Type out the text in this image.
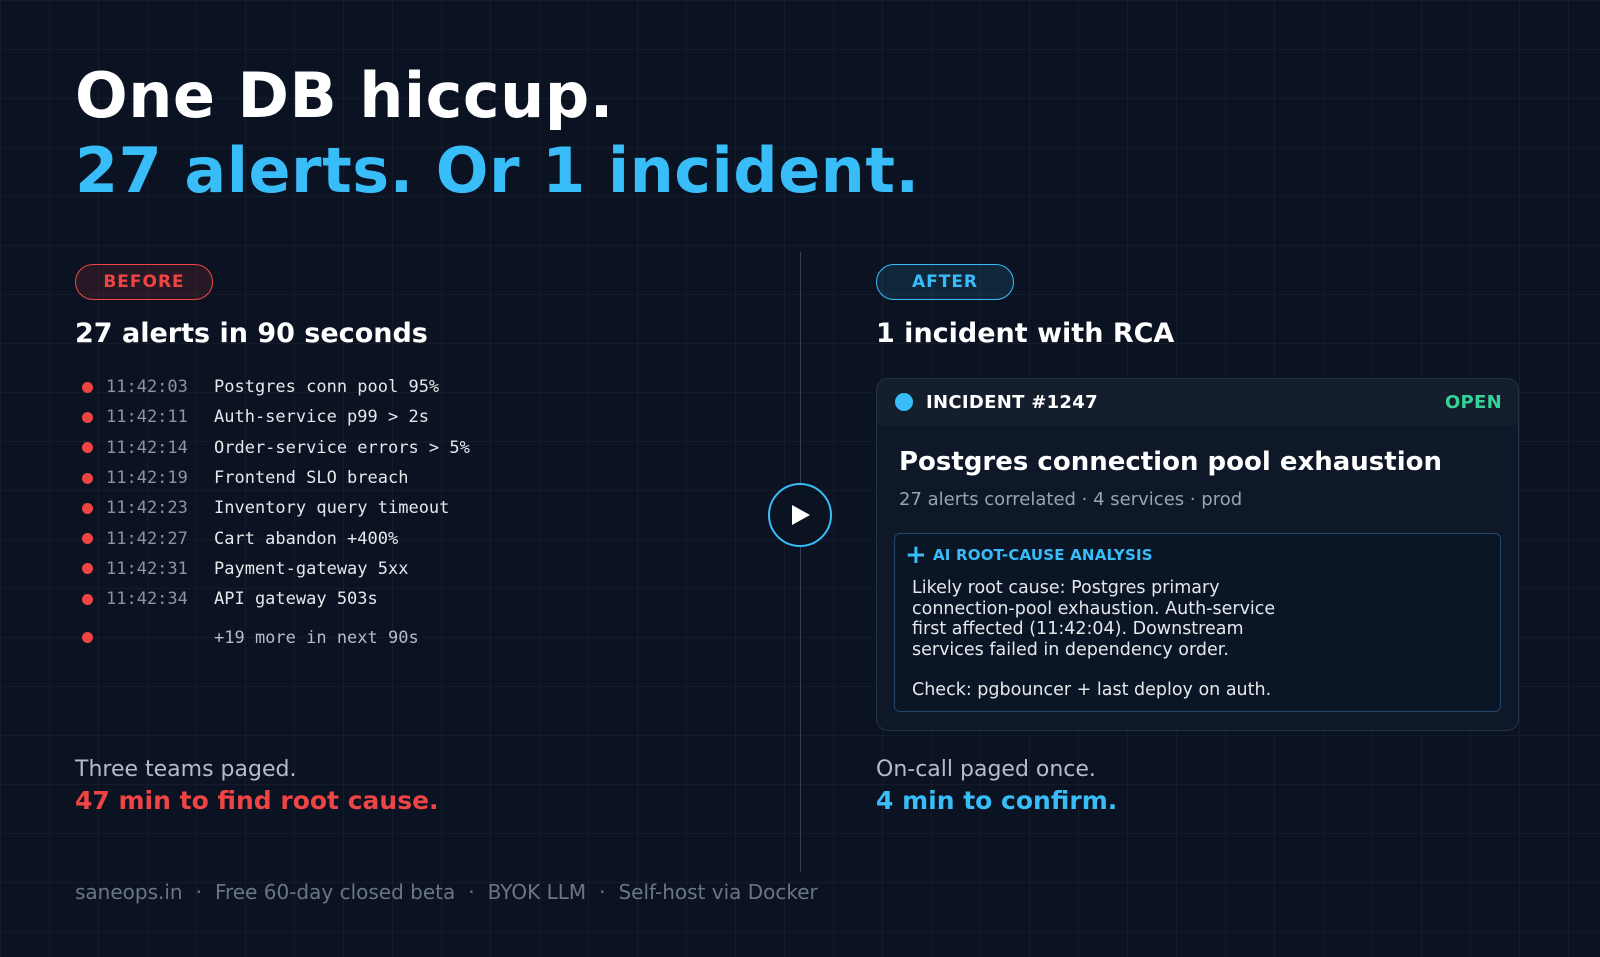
One DB hiccup.
27 alerts. Or 1 incident.
BEFORE
27 alerts in 90 seconds
11:42:03	Postgres conn pool 95%
11:42:11	Auth-service p99 > 2s
11:42:14	Order-service errors > 5%
11:42:19	Frontend SLO breach
11:42:23	Inventory query timeout
11:42:27	Cart abandon +400%
11:42:31	Payment-gateway 5xx
11:42:34	API gateway 503s
+19 more in next 90s

Three teams paged.

47 min to find root cause.

AFTER
1 incident with RCA
INCIDENT #1247	OPEN
Postgres connection pool exhaustion

27 alerts correlated · 4 services · prod

+ AI ROOT-CAUSE ANALYSIS

Likely root cause: Postgres primary
connection-pool exhaustion. Auth-service
first affected (11:42:04). Downstream
services failed in dependency order.

Check: pgbouncer + last deploy on auth.

On-call paged once.

4 min to confirm.

saneops.in · Free 60-day closed beta · BYOK LLM · Self-host via Docker
